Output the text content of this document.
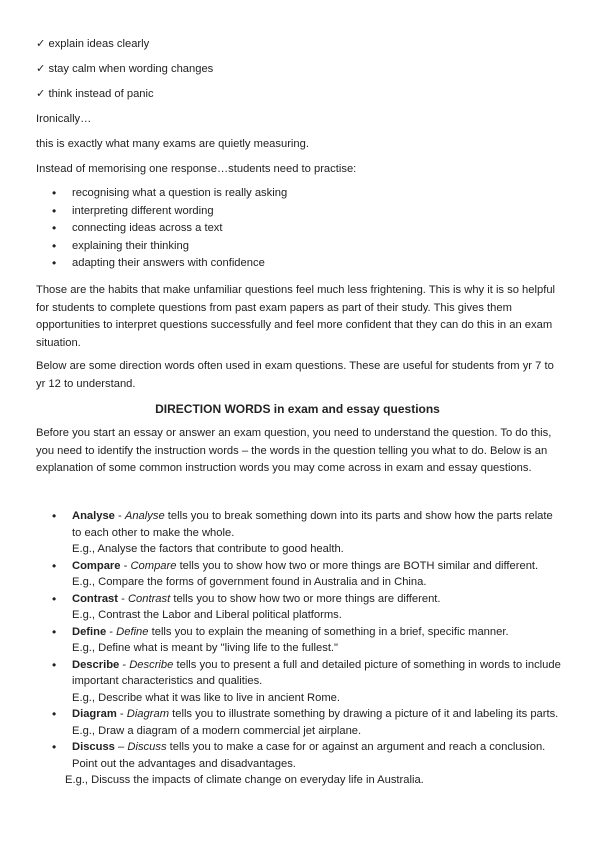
✓ explain ideas clearly
✓ stay calm when wording changes
✓ think instead of panic
Ironically…
this is exactly what many exams are quietly measuring.
Instead of memorising one response…students need to practise:
• recognising what a question is really asking
• interpreting different wording
• connecting ideas across a text
• explaining their thinking
• adapting their answers with confidence
Those are the habits that make unfamiliar questions feel much less frightening. This is why it is so helpful for students to complete questions from past exam papers as part of their study. This gives them opportunities to interpret questions successfully and feel more confident that they can do this in an exam situation.
Below are some direction words often used in exam questions. These are useful for students from yr 7 to yr 12 to understand.
DIRECTION WORDS in exam and essay questions
Before you start an essay or answer an exam question, you need to understand the question. To do this, you need to identify the instruction words – the words in the question telling you what to do. Below is an explanation of some common instruction words you may come across in exam and essay questions.
• Analyse - Analyse tells you to break something down into its parts and show how the parts relate to each other to make the whole.
E.g., Analyse the factors that contribute to good health.
• Compare - Compare tells you to show how two or more things are BOTH similar and different.
E.g., Compare the forms of government found in Australia and in China.
• Contrast - Contrast tells you to show how two or more things are different.
E.g., Contrast the Labor and Liberal political platforms.
• Define - Define tells you to explain the meaning of something in a brief, specific manner.
E.g., Define what is meant by "living life to the fullest."
• Describe - Describe tells you to present a full and detailed picture of something in words to include important characteristics and qualities.
E.g., Describe what it was like to live in ancient Rome.
• Diagram - Diagram tells you to illustrate something by drawing a picture of it and labeling its parts.
E.g., Draw a diagram of a modern commercial jet airplane.
• Discuss – Discuss tells you to make a case for or against an argument and reach a conclusion. Point out the advantages and disadvantages.
E.g., Discuss the impacts of climate change on everyday life in Australia.
